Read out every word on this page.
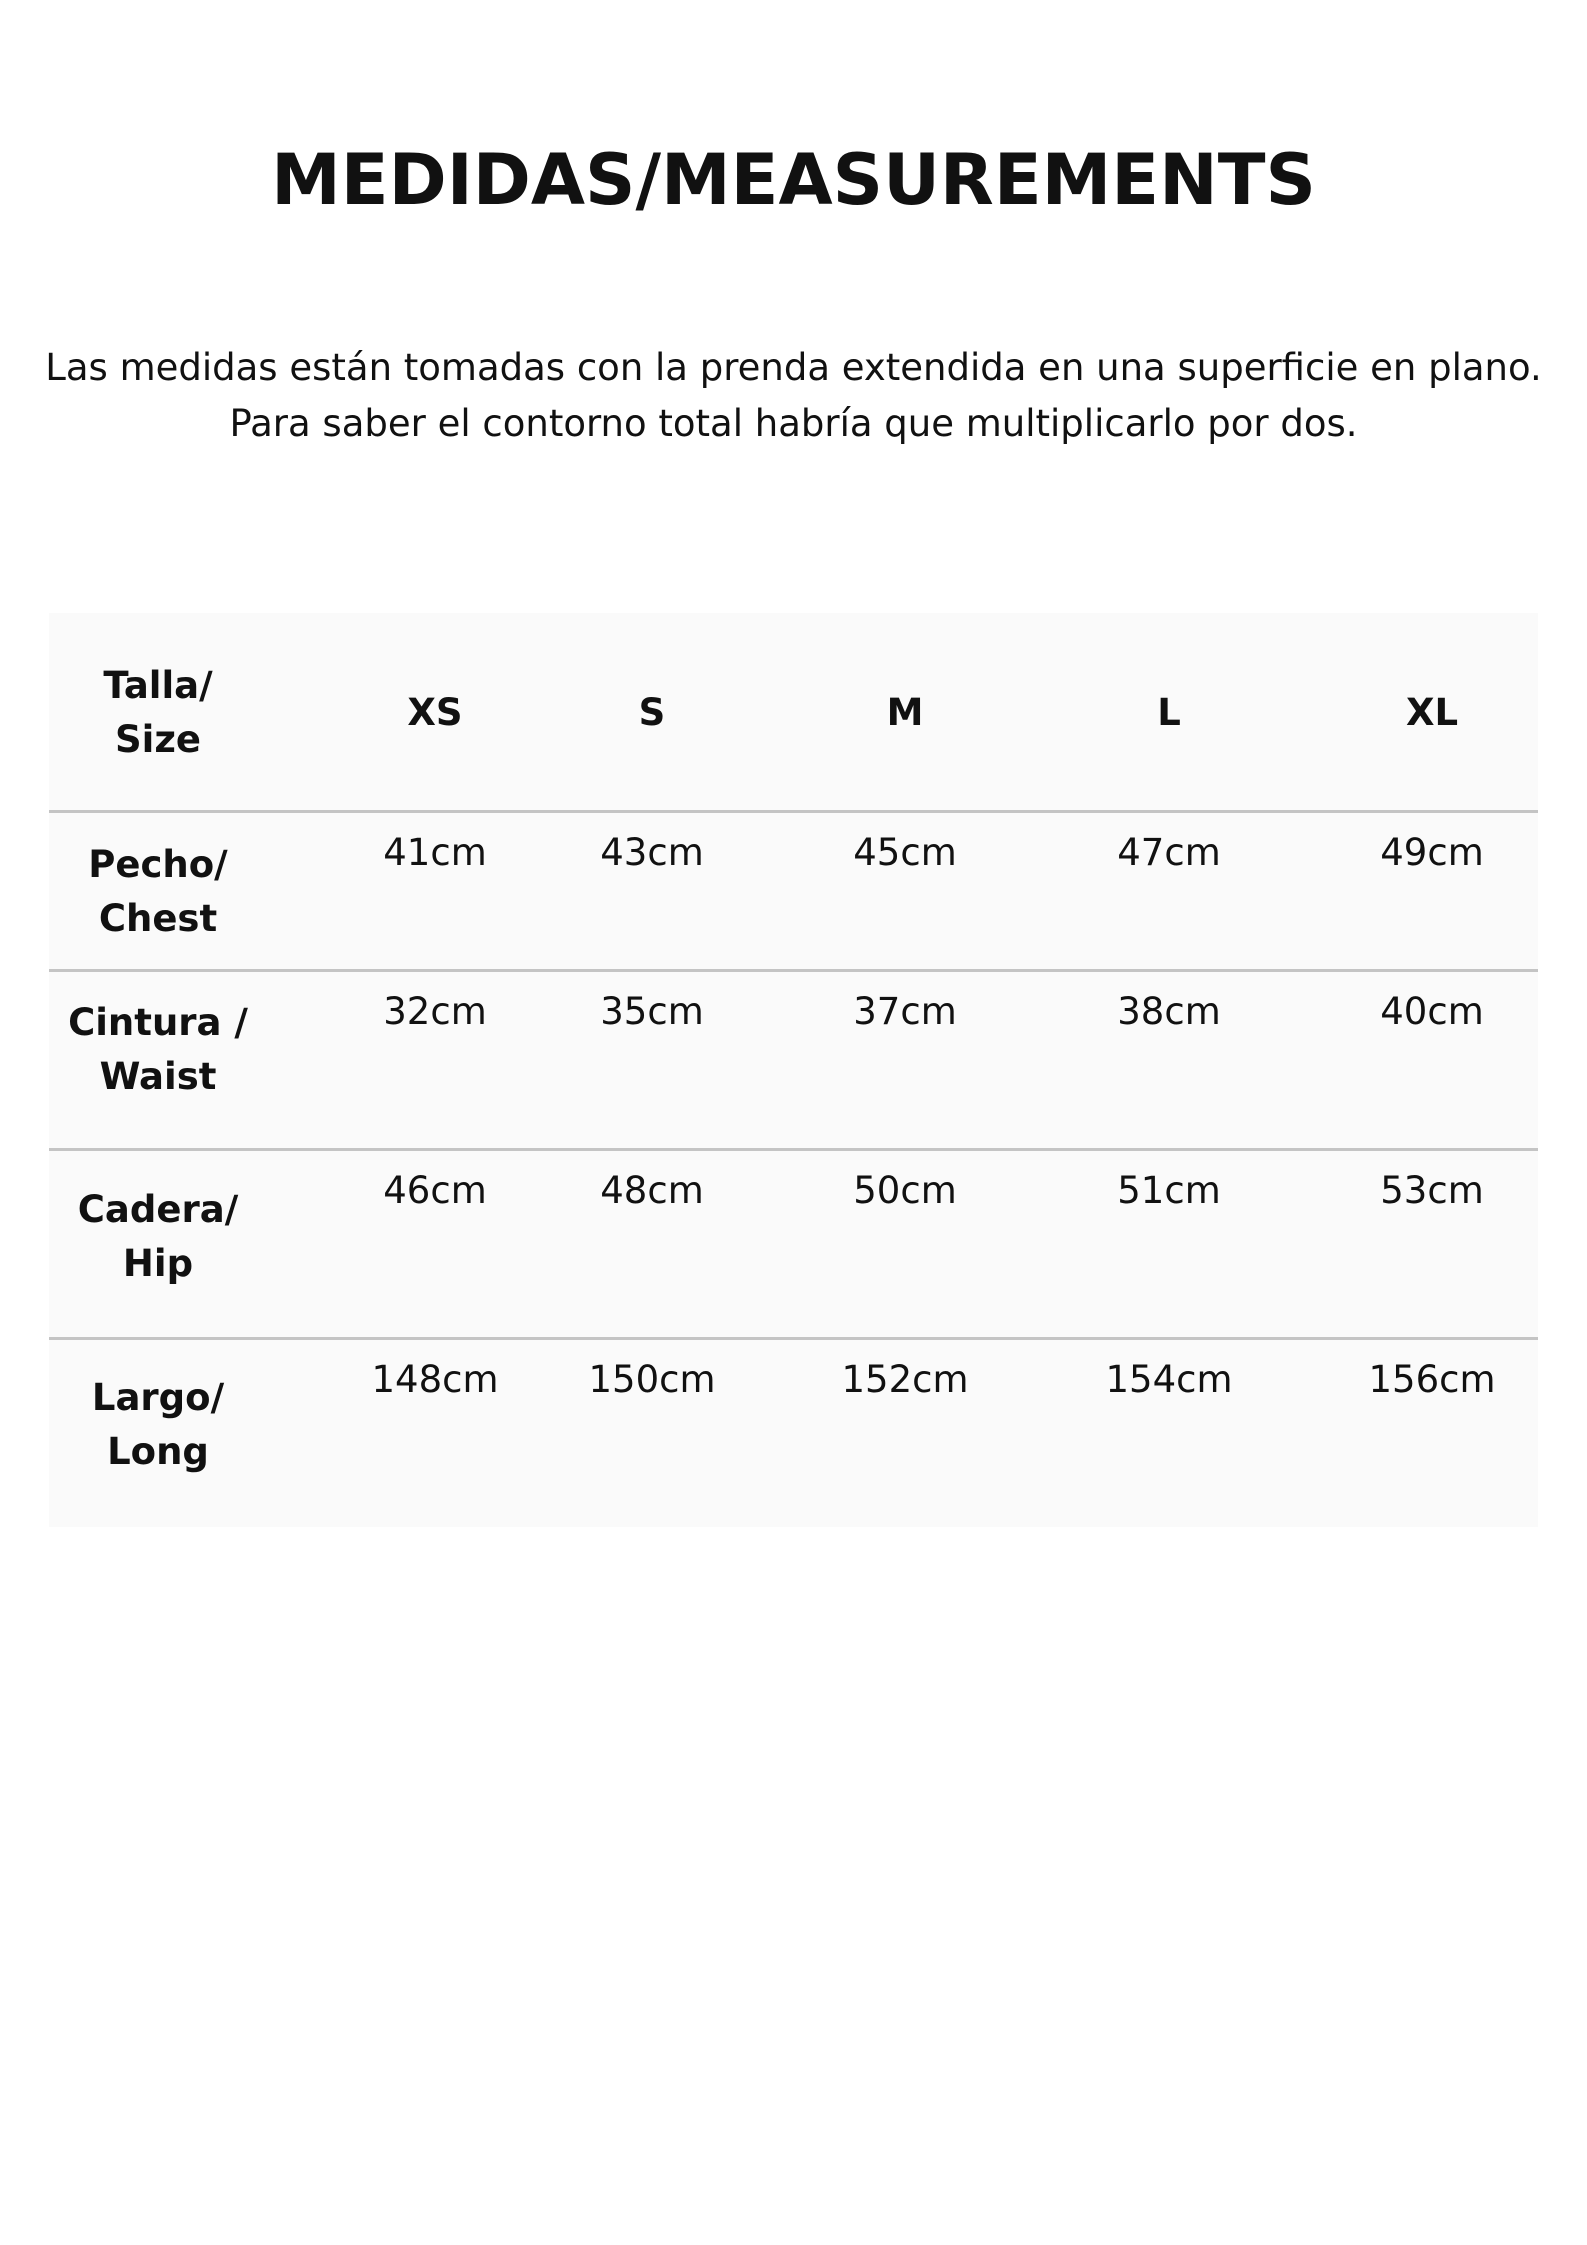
MEDIDAS/MEASUREMENTS
Las medidas están tomadas con la prenda extendida en una superficie en plano.
Para saber el contorno total habría que multiplicarlo por dos.
Talla/
Size
XS	S	M	L	XL
Pecho/
Chest
41cm	43cm	45cm	47cm	49cm
Cintura /
Waist
32cm	35cm	37cm	38cm	40cm
Cadera/
Hip
46cm	48cm	50cm	51cm	53cm
Largo/
Long
148cm	150cm	152cm	154cm	156cm
